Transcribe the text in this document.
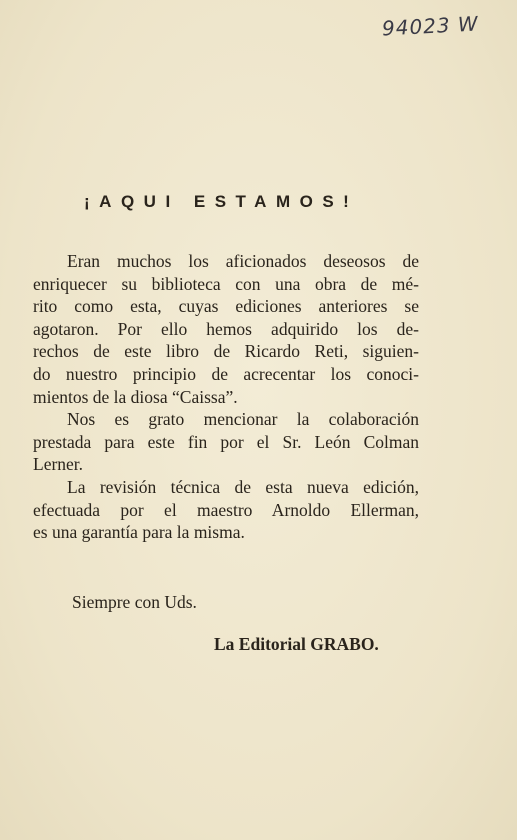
94023 W
¡AQUI ESTAMOS!
Eran muchos los aficionados deseosos de
enriquecer su biblioteca con una obra de mé-
rito como esta, cuyas ediciones anteriores se
agotaron. Por ello hemos adquirido los de-
rechos de este libro de Ricardo Reti, siguien-
do nuestro principio de acrecentar los conoci-
mientos de la diosa “Caissa”.
Nos es grato mencionar la colaboración
prestada para este fin por el Sr. León Colman
Lerner.
La revisión técnica de esta nueva edición,
efectuada por el maestro Arnoldo Ellerman,
es una garantía para la misma.
Siempre con Uds.
La Editorial GRABO.
